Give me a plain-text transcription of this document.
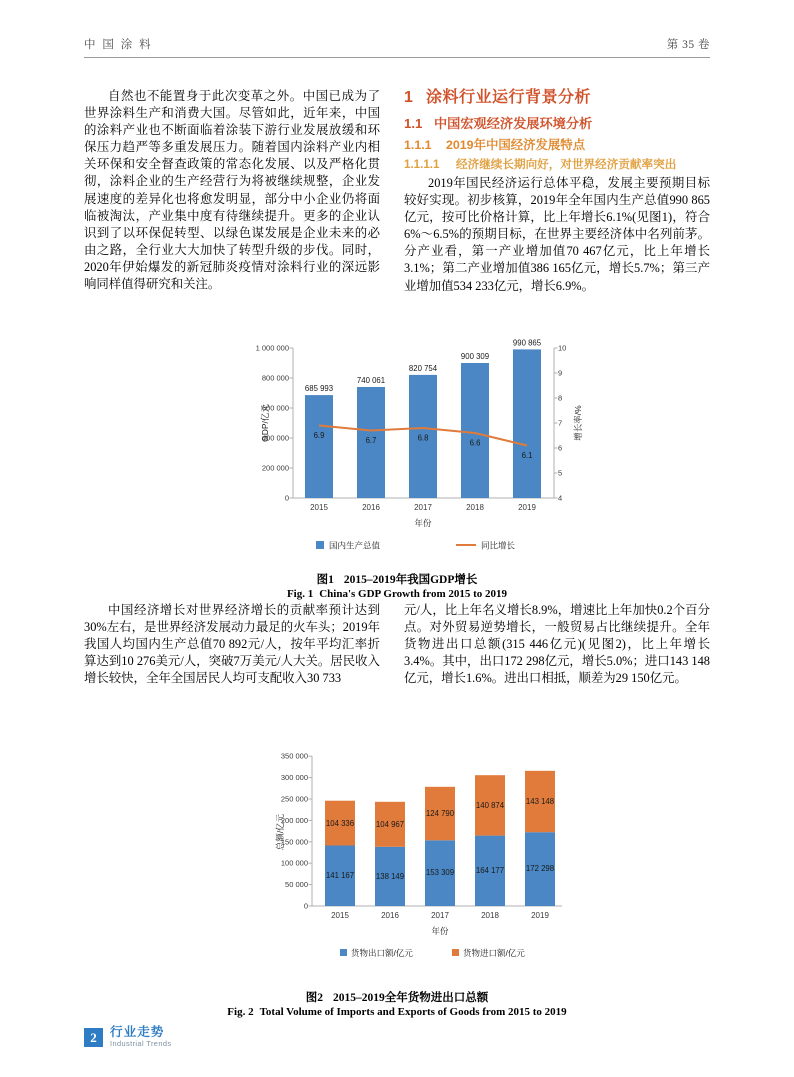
中 国 涂 料	第 35 卷

自然也不能置身于此次变革之外。中国已成为了世界涂料生产和消费大国。尽管如此，近年来，中国的涂料产业也不断面临着涂装下游行业发展放缓和环保压力趋严等多重发展压力。随着国内涂料产业内相关环保和安全督查政策的常态化发展、以及严格化贯彻，涂料企业的生产经营行为将被继续规整，企业发展速度的差异化也将愈发明显，部分中小企业仍将面临被淘汰，产业集中度有待继续提升。更多的企业认识到了以环保促转型、以绿色谋发展是企业未来的必由之路，全行业大大加快了转型升级的步伐。同时，2020年伊始爆发的新冠肺炎疫情对涂料行业的深远影响同样值得研究和关注。

1 涂料行业运行背景分析
1.1 中国宏观经济发展环境分析
1.1.1 2019年中国经济发展特点
1.1.1.1 经济继续长期向好，对世界经济贡献率突出

2019年国民经济运行总体平稳，发展主要预期目标较好实现。初步核算，2019年全年国内生产总值990 865亿元，按可比价格计算，比上年增长6.1%(见图1)，符合6%～6.5%的预期目标，在世界主要经济体中名列前茅。分产业看，第一产业增加值70 467亿元，比上年增长3.1%；第二产业增加值386 165亿元，增长5.7%；第三产业增加值534 233亿元，增长6.9%。

0
200 000
400 000
600 000
800 000
1 000 000
4
5
6
7
8
9
10
685 993
740 061
820 754
900 309
990 865
6.9
6.7	6.8
6.6
6.1
2015	2016	2017	2018	2019
年份
GDP/亿元	增长率/%
国内生产总值	同比增长
图1 2015–2019年我国GDP增长
Fig. 1 China's GDP Growth from 2015 to 2019

中国经济增长对世界经济增长的贡献率预计达到30%左右，是世界经济发展动力最足的火车头；2019年我国人均国内生产总值70 892元/人，按年平均汇率折算达到10 276美元/人，突破7万美元/人大关。居民收入增长较快，全年全国居民人均可支配收入30 733

元/人，比上年名义增长8.9%，增速比上年加快0.2个百分点。对外贸易逆势增长，一般贸易占比继续提升。全年货物进出口总额(315 446亿元)(见图2)，比上年增长3.4%。其中，出口172 298亿元，增长5.0%；进口143 148亿元，增长1.6%。进出口相抵，顺差为29 150亿元。

0
50 000
100 000
150 000
200 000
250 000
300 000
350 000
104 336	104 967
124 790
140 874	143 148
141 167	138 149	153 309	164 177	172 298
2015	2016	2017	2018	2019
年份
总额/亿元
货物出口额/亿元	货物进口额/亿元
图2 2015–2019全年货物进出口总额
Fig. 2 Total Volume of Imports and Exports of Goods from 2015 to 2019
2	行业走势
Industrial Trends
